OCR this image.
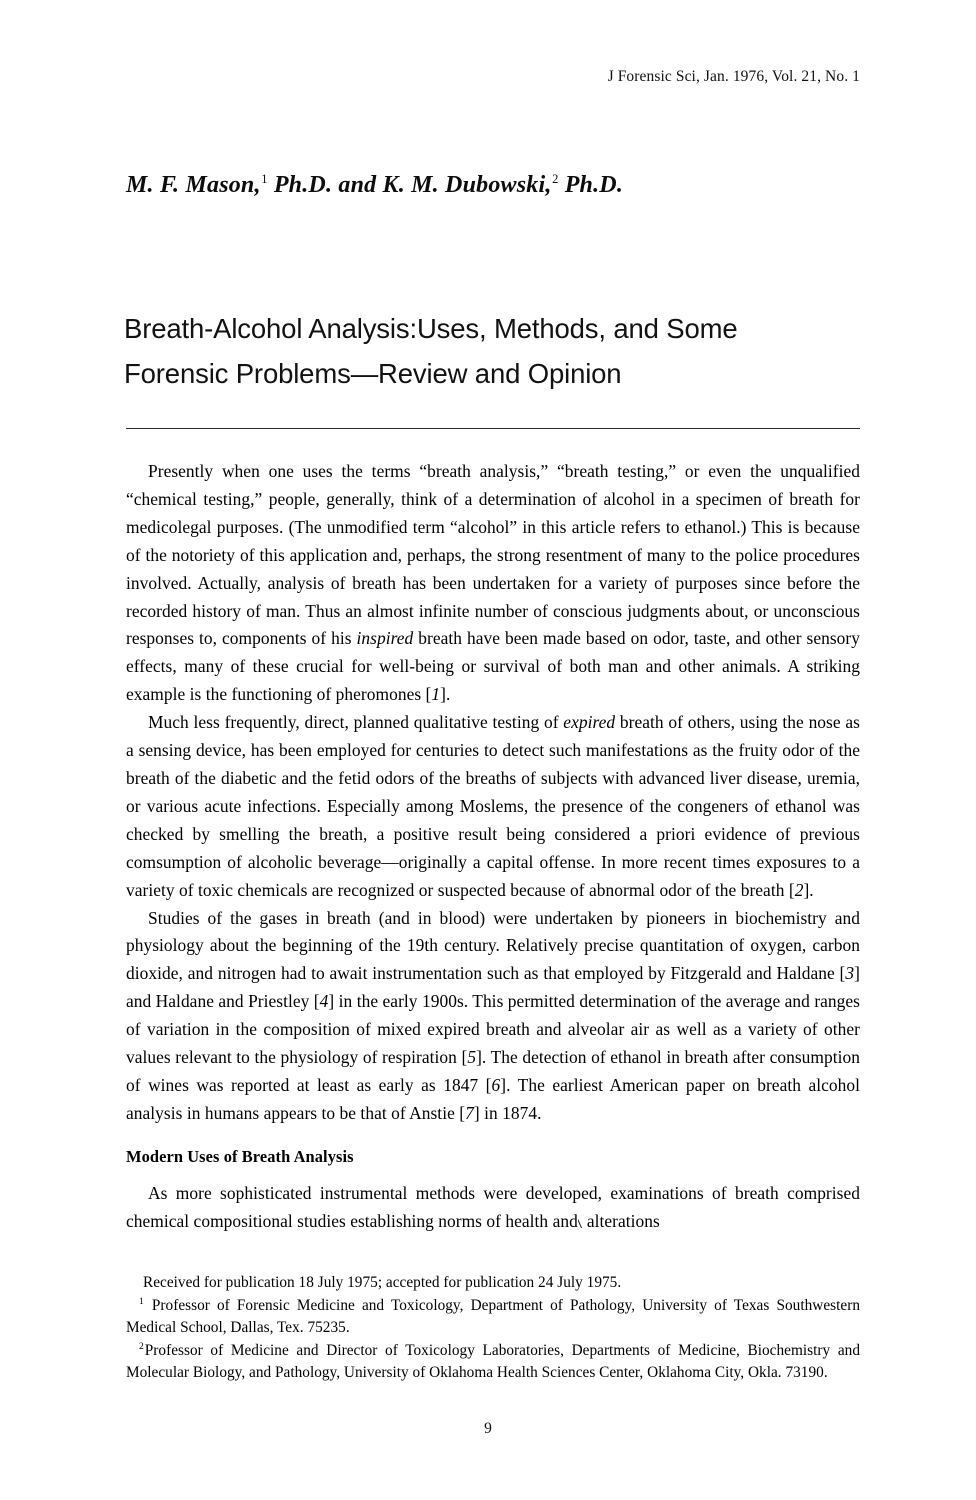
J Forensic Sci, Jan. 1976, Vol. 21, No. 1
M. F. Mason,$^1$ Ph.D. and K. M. Dubowski,$^2$ Ph.D.
Breath-Alcohol Analysis:Uses, Methods, and Some
Forensic Problems—Review and Opinion

Presently when one uses the terms “breath analysis,” “breath testing,” or even the unqualified “chemical testing,” people, generally, think of a determination of alcohol in a specimen of breath for medicolegal purposes. (The unmodified term “alcohol” in this article refers to ethanol.) This is because of the notoriety of this application and, perhaps, the strong resentment of many to the police procedures involved. Actually, analysis of breath has been undertaken for a variety of purposes since before the recorded history of man. Thus an almost infinite number of conscious judgments about, or unconscious responses to, components of his inspired breath have been made based on odor, taste, and other sensory effects, many of these crucial for well-being or survival of both man and other animals. A striking example is the functioning of pheromones [1].

Much less frequently, direct, planned qualitative testing of expired breath of others, using the nose as a sensing device, has been employed for centuries to detect such manifestations as the fruity odor of the breath of the diabetic and the fetid odors of the breaths of subjects with advanced liver disease, uremia, or various acute infections. Especially among Moslems, the presence of the congeners of ethanol was checked by smelling the breath, a positive result being considered a priori evidence of previous comsumption of alcoholic beverage—originally a capital offense. In more recent times exposures to a variety of toxic chemicals are recognized or suspected because of abnormal odor of the breath [2].

Studies of the gases in breath (and in blood) were undertaken by pioneers in biochemistry and physiology about the beginning of the 19th century. Relatively precise quantitation of oxygen, carbon dioxide, and nitrogen had to await instrumentation such as that employed by Fitzgerald and Haldane [3] and Haldane and Priestley [4] in the early 1900s. This permitted determination of the average and ranges of variation in the composition of mixed expired breath and alveolar air as well as a variety of other values relevant to the physiology of respiration [5]. The detection of ethanol in breath after consumption of wines was reported at least as early as 1847 [6]. The earliest American paper on breath alcohol analysis in humans appears to be that of Anstie [7] in 1874.

Modern Uses of Breath Analysis

As more sophisticated instrumental methods were developed, examinations of breath comprised chemical compositional studies establishing norms of health and alterations

Received for publication 18 July 1975; accepted for publication 24 July 1975.

$^1$ Professor of Forensic Medicine and Toxicology, Department of Pathology, University of Texas Southwestern Medical School, Dallas, Tex. 75235.

$^2$Professor of Medicine and Director of Toxicology Laboratories, Departments of Medicine, Biochemistry and Molecular Biology, and Pathology, University of Oklahoma Health Sciences Center, Oklahoma City, Okla. 73190.

9
